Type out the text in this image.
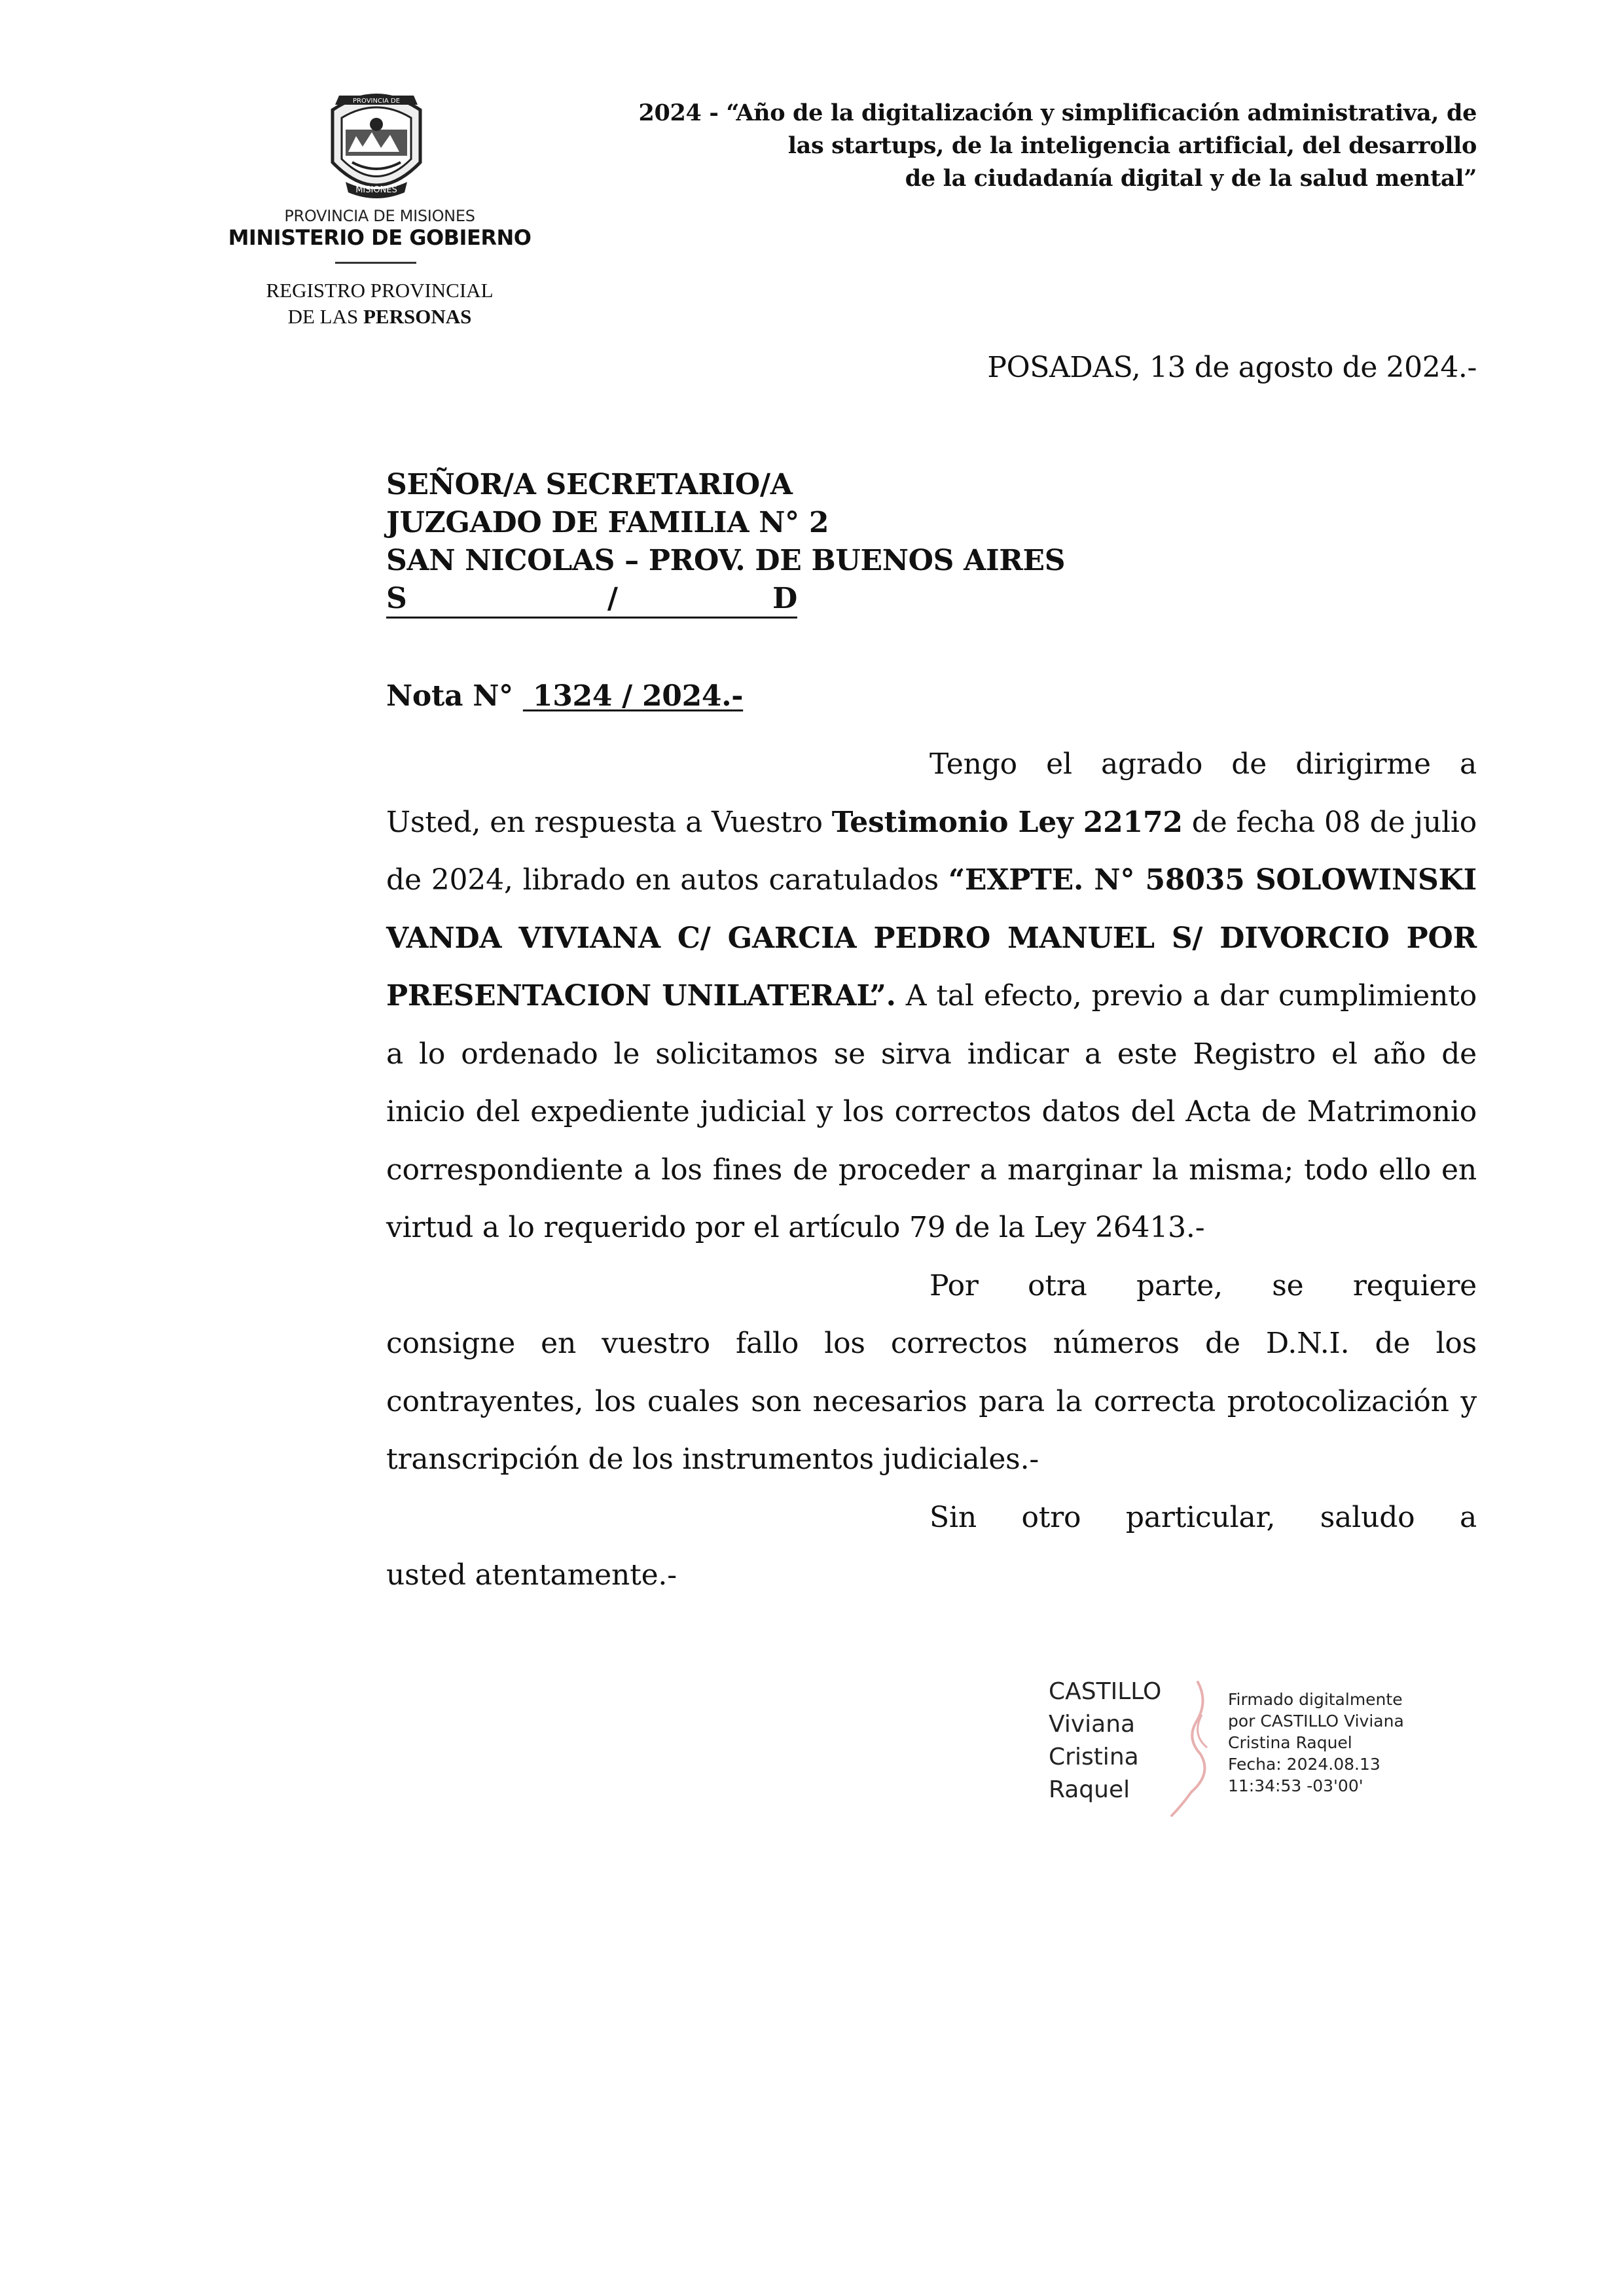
PROVINCIA DE
MISIONES
PROVINCIA DE MISIONES
MINISTERIO DE GOBIERNO
REGISTRO PROVINCIAL
DE LAS PERSONAS
2024 - “Año de la digitalización y simplificación administrativa, de
las startups, de la inteligencia artificial, del desarrollo
de la ciudadanía digital y de la salud mental”
POSADAS, 13 de agosto de 2024.-
SEÑOR/A SECRETARIO/A
JUZGADO DE FAMILIA N° 2
SAN NICOLAS – PROV. DE BUENOS AIRES
S	/	D
Nota N°  1324 / 2024.-

Tengo el agrado de dirigirme a

Usted, en respuesta a Vuestro Testimonio Ley 22172 de fecha 08 de julio de 2024, librado en autos caratulados “EXPTE. N° 58035 SOLOWINSKI VANDA VIVIANA C/ GARCIA PEDRO MANUEL S/ DIVORCIO POR PRESENTACION UNILATERAL”. A tal efecto, previo a dar cumplimiento a lo ordenado le solicitamos se sirva indicar a este Registro el año de inicio del expediente judicial y los correctos datos del Acta de Matrimonio correspondiente a los fines de proceder a marginar la misma; todo ello en virtud a lo requerido por el artículo 79 de la Ley 26413.-

Por otra parte, se requiere

consigne en vuestro fallo los correctos números de D.N.I. de los contrayentes, los cuales son necesarios para la correcta protocolización y transcripción de los instrumentos judiciales.-

Sin otro particular, saludo a

usted atentamente.-

CASTILLO
Viviana
Cristina
Raquel
Firmado digitalmente
por CASTILLO Viviana
Cristina Raquel
Fecha: 2024.08.13
11:34:53 -03'00'
